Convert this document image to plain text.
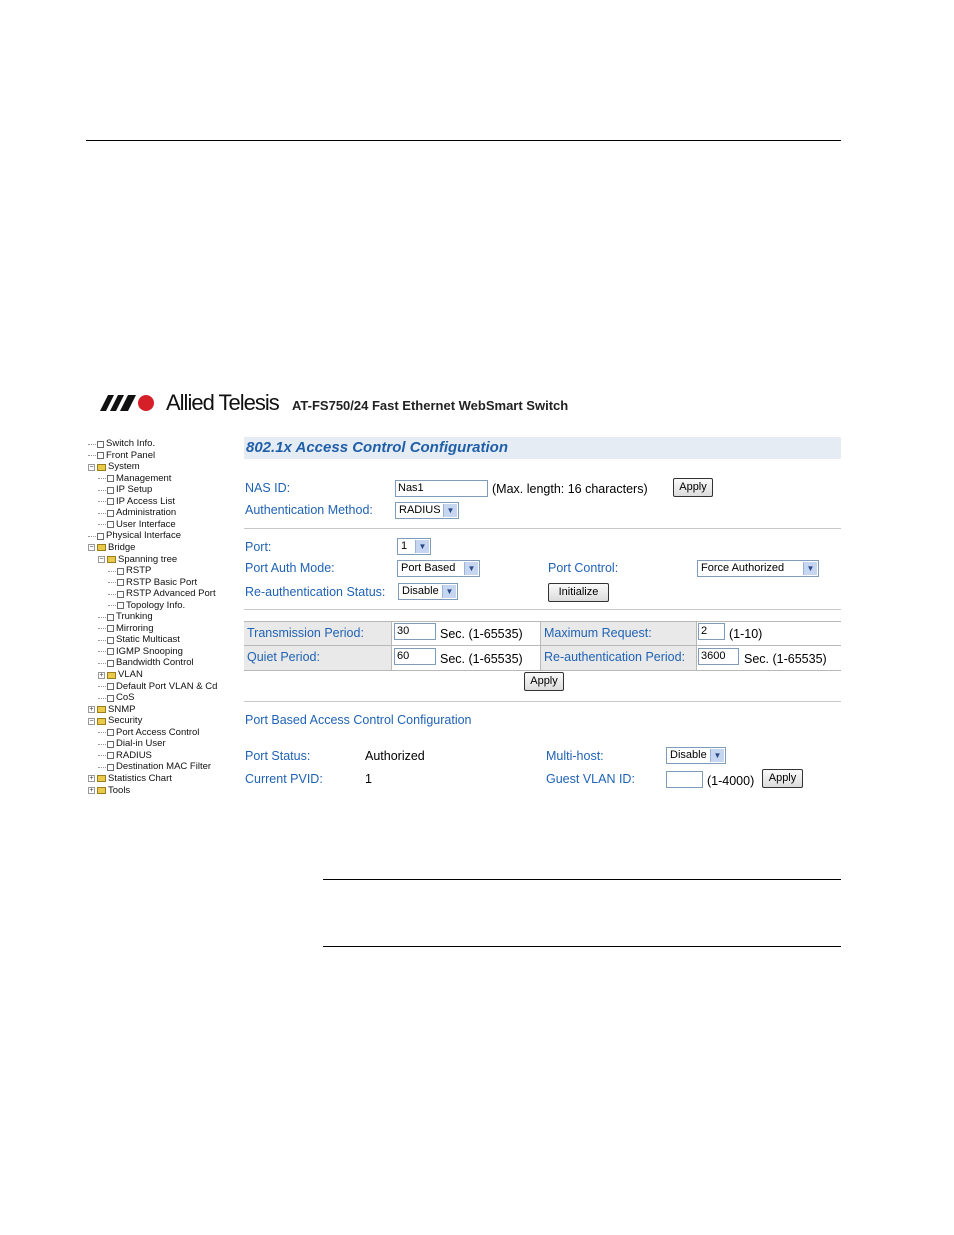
Allied Telesis AT-FS750/24 Fast Ethernet WebSmart Switch
Switch Info.
Front Panel
− System
Management
IP Setup
IP Access List
Administration
User Interface
Physical Interface
− Bridge
− Spanning tree
RSTP
RSTP Basic Port
RSTP Advanced Port
Topology Info.
Trunking
Mirroring
Static Multicast
IGMP Snooping
Bandwidth Control
+ VLAN
Default Port VLAN & Cd
CoS
+ SNMP
− Security
Port Access Control
Dial-in User
RADIUS
Destination MAC Filter
+ Statistics Chart
+ Tools
802.1x Access Control Configuration
NAS ID:	Nas1	(Max. length: 16 characters)	Apply
Authentication Method:	RADIUS ▼
Port:	1	▼
Port Auth Mode:	Port Based	▼	Port Control:	Force Authorized	▼
Re-authentication Status:	Disable ▼	Initialize
Transmission Period:	30	Sec. (1-65535) Maximum Request:	2	(1-10)
Quiet Period:	60	Sec. (1-65535) Re-authentication Period: 3600	Sec. (1-65535)
Apply
Port Based Access Control Configuration
Port Status:	Authorized	Multi-host:	Disable ▼
Current PVID:	1	Guest VLAN ID:	(1-4000)	Apply
